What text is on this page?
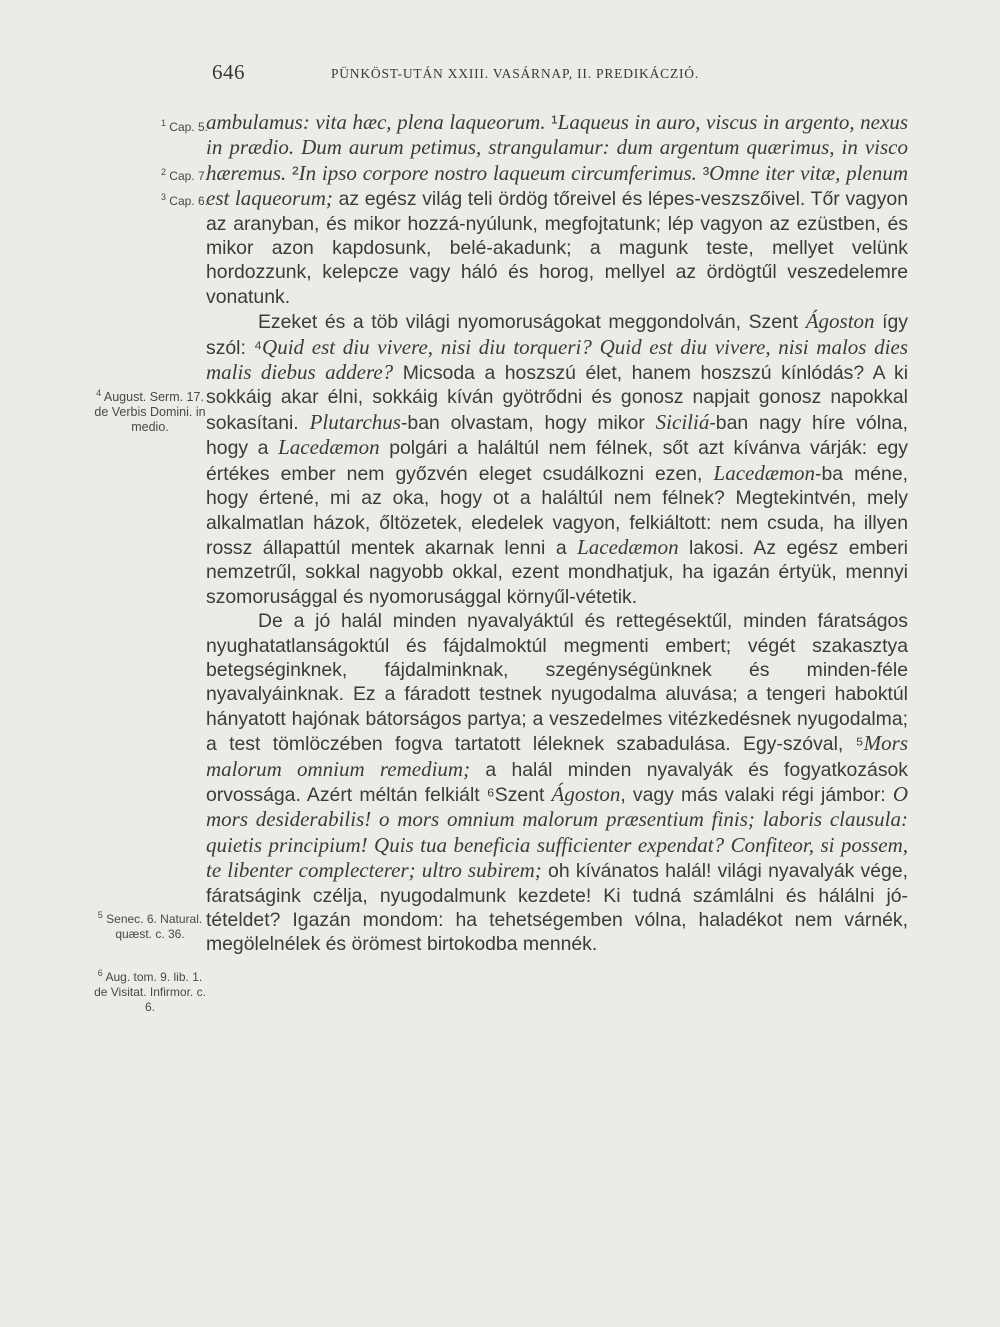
646	PÜNKÖST-UTÁN XXIII. VASÁRNAP, II. PREDIKÁCZIÓ.
$^1$ Cap. 5.
$^2$ Cap. 7.
$^3$ Cap. 6.
$^4$ August. Serm. 17. de Verbis Domini. in medio.
$^5$ Senec. 6. Natural. quæst. c. 36.
$^6$ Aug. tom. 9. lib. 1. de Visitat. Infirmor. c. 6.

ambulamus: vita hæc, plena laqueorum. ¹Laqueus in auro, viscus in argento, nexus in prædio. Dum aurum petimus, strangulamur: dum argentum quærimus, in visco hæremus. ²In ipso corpore nostro laqueum circumferimus. ³Omne iter vitæ, plenum est laqueorum; az egész világ teli ördög tőreivel és lépes-veszszőivel. Tőr vagyon az aranyban, és mikor hozzá-nyúlunk, megfojtatunk; lép vagyon az ezüstben, és mikor azon kapdosunk, belé-akadunk; a magunk teste, mellyet velünk hordozzunk, kelepcze vagy háló és horog, mellyel az ördögtűl veszedelemre vonatunk.

Ezeket és a töb világi nyomoruságokat meggondolván, Szent Ágoston így szól: ⁴Quid est diu vivere, nisi diu torqueri? Quid est diu vivere, nisi malos dies malis diebus addere? Micsoda a hoszszú élet, hanem hoszszú kínlódás? A ki sokkáig akar élni, sokkáig kíván gyötrődni és gonosz napjait gonosz napokkal sokasítani. Plutarchus-ban olvastam, hogy mikor Siciliá-ban nagy híre vólna, hogy a Lacedæmon polgári a haláltúl nem félnek, sőt azt kívánva várják: egy értékes ember nem győzvén eleget csudálkozni ezen, Lacedæmon-ba méne, hogy értené, mi az oka, hogy ot a haláltúl nem félnek? Megtekintvén, mely alkalmatlan házok, őltözetek, eledelek vagyon, felkiáltott: nem csuda, ha illyen rossz állapattúl mentek akarnak lenni a Lacedæmon lakosi. Az egész emberi nemzetrűl, sokkal nagyobb okkal, ezent mondhatjuk, ha igazán értyük, mennyi szomorusággal és nyomorusággal környűl-vétetik.

De a jó halál minden nyavalyáktúl és rettegésektűl, minden fáratságos nyughatatlanságoktúl és fájdalmoktúl megmenti embert; végét szakasztya betegséginknek, fájdalminknak, szegénységünknek és minden-féle nyavalyáinknak. Ez a fáradott testnek nyugodalma aluvása; a tengeri haboktúl hányatott hajónak bátorságos partya; a veszedelmes vitézkedésnek nyugodalma; a test tömlöczében fogva tartatott léleknek szabadulása. Egy-szóval, ⁵Mors malorum omnium remedium; a halál minden nyavalyák és fogyatkozások orvossága. Azért méltán felkiált ⁶Szent Ágoston, vagy más valaki régi jámbor: O mors desiderabilis! o mors omnium malorum præsentium finis; laboris clausula: quietis principium! Quis tua beneficia sufficienter expendat? Confiteor, si possem, te libenter complecterer; ultro subirem; oh kívánatos halál! világi nyavalyák vége, fáratságink czélja, nyugodalmunk kezdete! Ki tudná számlálni és hálálni jó-tételdet? Igazán mondom: ha tehetségemben vólna, haladékot nem várnék, megölelnélek és örömest birtokodba mennék.
